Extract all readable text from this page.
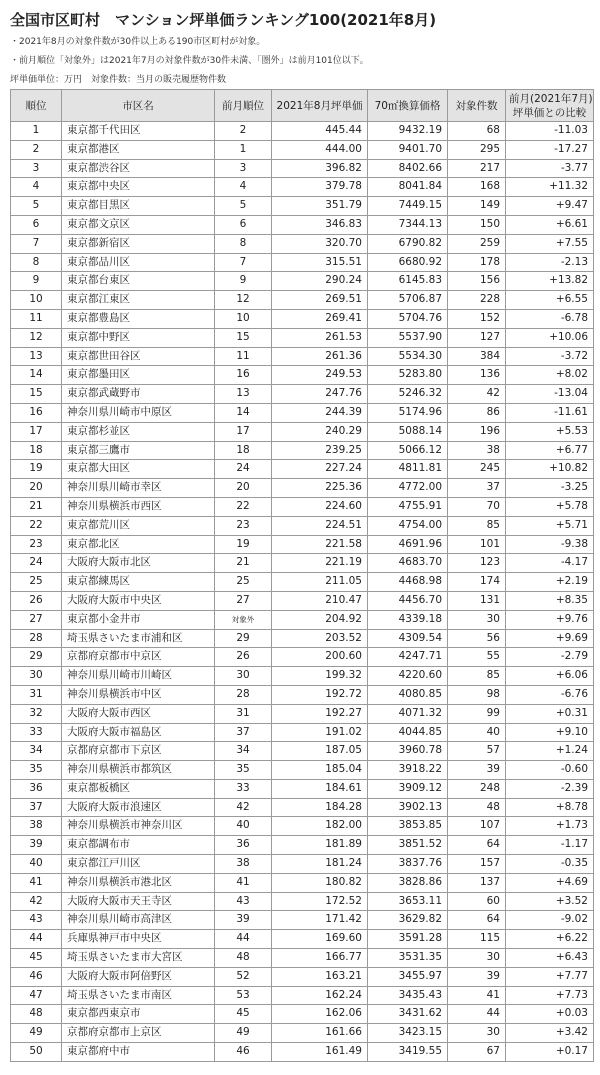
全国市区町村　マンション坪単価ランキング100(2021年8月)
・2021年8月の対象件数が30件以上ある190市区町村が対象。
・前月順位「対象外」は2021年7月の対象件数が30件未満、「圏外」は前月101位以下。
坪単価単位：万円　対象件数：当月の販売履歴物件数
順位	市区名	前月順位	2021年8月坪単価	70㎡換算価格	対象件数	前月(2021年7月)
坪単価との比較
1	東京都千代田区	2	445.44	9432.19	68	-11.03
2	東京都港区	1	444.00	9401.70	295	-17.27
3	東京都渋谷区	3	396.82	8402.66	217	-3.77
4	東京都中央区	4	379.78	8041.84	168	+11.32
5	東京都目黒区	5	351.79	7449.15	149	+9.47
6	東京都文京区	6	346.83	7344.13	150	+6.61
7	東京都新宿区	8	320.70	6790.82	259	+7.55
8	東京都品川区	7	315.51	6680.92	178	-2.13
9	東京都台東区	9	290.24	6145.83	156	+13.82
10	東京都江東区	12	269.51	5706.87	228	+6.55
11	東京都豊島区	10	269.41	5704.76	152	-6.78
12	東京都中野区	15	261.53	5537.90	127	+10.06
13	東京都世田谷区	11	261.36	5534.30	384	-3.72
14	東京都墨田区	16	249.53	5283.80	136	+8.02
15	東京都武蔵野市	13	247.76	5246.32	42	-13.04
16	神奈川県川崎市中原区	14	244.39	5174.96	86	-11.61
17	東京都杉並区	17	240.29	5088.14	196	+5.53
18	東京都三鷹市	18	239.25	5066.12	38	+6.77
19	東京都大田区	24	227.24	4811.81	245	+10.82
20	神奈川県川崎市幸区	20	225.36	4772.00	37	-3.25
21	神奈川県横浜市西区	22	224.60	4755.91	70	+5.78
22	東京都荒川区	23	224.51	4754.00	85	+5.71
23	東京都北区	19	221.58	4691.96	101	-9.38
24	大阪府大阪市北区	21	221.19	4683.70	123	-4.17
25	東京都練馬区	25	211.05	4468.98	174	+2.19
26	大阪府大阪市中央区	27	210.47	4456.70	131	+8.35
27	東京都小金井市	対象外	204.92	4339.18	30	+9.76
28	埼玉県さいたま市浦和区	29	203.52	4309.54	56	+9.69
29	京都府京都市中京区	26	200.60	4247.71	55	-2.79
30	神奈川県川崎市川崎区	30	199.32	4220.60	85	+6.06
31	神奈川県横浜市中区	28	192.72	4080.85	98	-6.76
32	大阪府大阪市西区	31	192.27	4071.32	99	+0.31
33	大阪府大阪市福島区	37	191.02	4044.85	40	+9.10
34	京都府京都市下京区	34	187.05	3960.78	57	+1.24
35	神奈川県横浜市都筑区	35	185.04	3918.22	39	-0.60
36	東京都板橋区	33	184.61	3909.12	248	-2.39
37	大阪府大阪市浪速区	42	184.28	3902.13	48	+8.78
38	神奈川県横浜市神奈川区	40	182.00	3853.85	107	+1.73
39	東京都調布市	36	181.89	3851.52	64	-1.17
40	東京都江戸川区	38	181.24	3837.76	157	-0.35
41	神奈川県横浜市港北区	41	180.82	3828.86	137	+4.69
42	大阪府大阪市天王寺区	43	172.52	3653.11	60	+3.52
43	神奈川県川崎市高津区	39	171.42	3629.82	64	-9.02
44	兵庫県神戸市中央区	44	169.60	3591.28	115	+6.22
45	埼玉県さいたま市大宮区	48	166.77	3531.35	30	+6.43
46	大阪府大阪市阿倍野区	52	163.21	3455.97	39	+7.77
47	埼玉県さいたま市南区	53	162.24	3435.43	41	+7.73
48	東京都西東京市	45	162.06	3431.62	44	+0.03
49	京都府京都市上京区	49	161.66	3423.15	30	+3.42
50	東京都府中市	46	161.49	3419.55	67	+0.17
